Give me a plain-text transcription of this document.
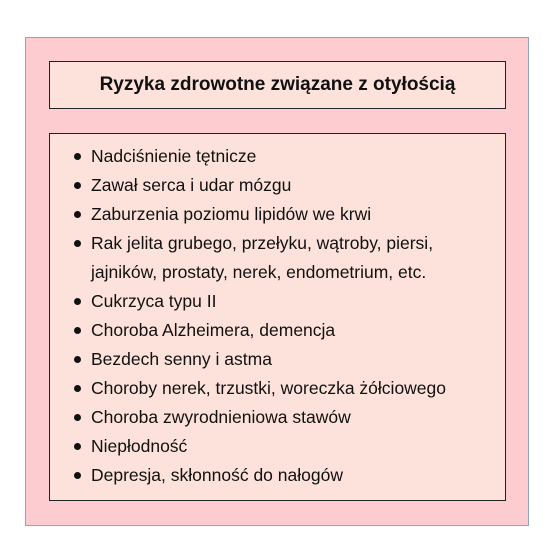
Ryzyka zdrowotne związane z otyłością
Nadciśnienie tętnicze
Zawał serca i udar mózgu
Zaburzenia poziomu lipidów we krwi
Rak jelita grubego, przełyku, wątroby, piersi,
jajników, prostaty, nerek, endometrium, etc.
Cukrzyca typu II
Choroba Alzheimera, demencja
Bezdech senny i astma
Choroby nerek, trzustki, woreczka żółciowego
Choroba zwyrodnieniowa stawów
Niepłodność
Depresja, skłonność do nałogów
